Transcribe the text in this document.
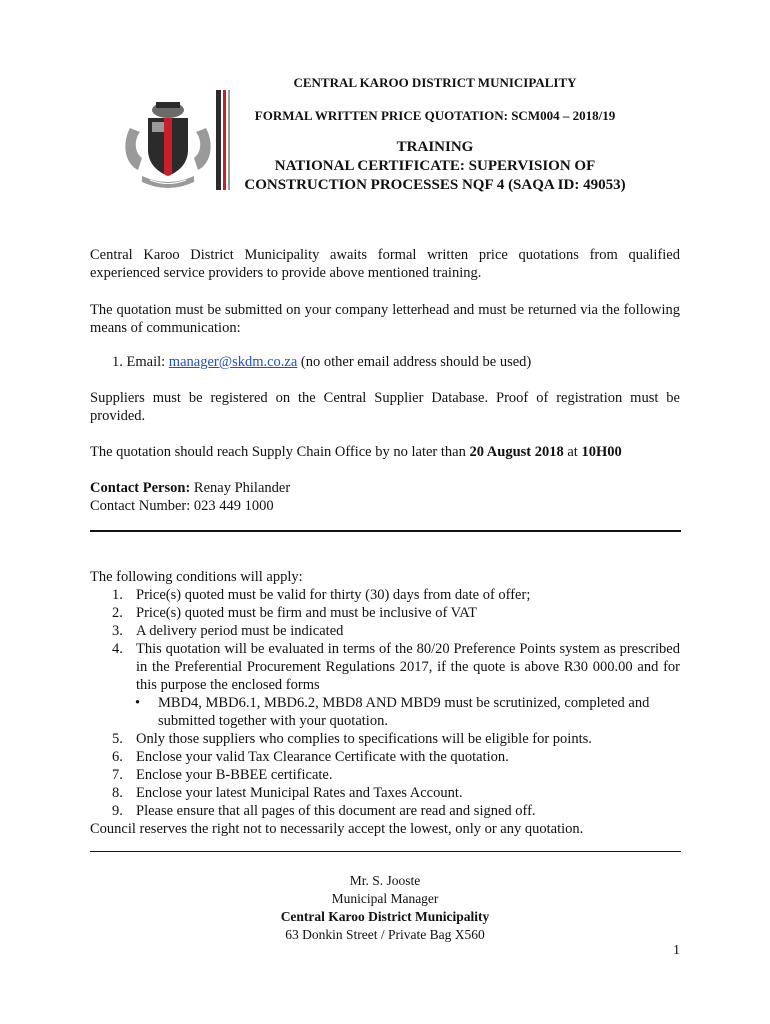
CENTRAL KAROO DISTRICT MUNICIPALITY
FORMAL WRITTEN PRICE QUOTATION: SCM004 – 2018/19
TRAINING
NATIONAL CERTIFICATE: SUPERVISION OF
CONSTRUCTION PROCESSES NQF 4 (SAQA ID: 49053)
Central Karoo District Municipality awaits formal written price quotations from qualified experienced service providers to provide above mentioned training.
The quotation must be submitted on your company letterhead and must be returned via the following means of communication:
1. Email: manager@skdm.co.za (no other email address should be used)
Suppliers must be registered on the Central Supplier Database. Proof of registration must be provided.
The quotation should reach Supply Chain Office by no later than 20 August 2018 at 10H00
Contact Person: Renay Philander
Contact Number: 023 449 1000
The following conditions will apply:
1. Price(s) quoted must be valid for thirty (30) days from date of offer;
2. Price(s) quoted must be firm and must be inclusive of VAT
3. A delivery period must be indicated
4. This quotation will be evaluated in terms of the 80/20 Preference Points system as prescribed in the Preferential Procurement Regulations 2017, if the quote is above R30 000.00 and for this purpose the enclosed forms
• MBD4, MBD6.1, MBD6.2, MBD8 AND MBD9 must be scrutinized, completed and submitted together with your quotation.
5. Only those suppliers who complies to specifications will be eligible for points.
6. Enclose your valid Tax Clearance Certificate with the quotation.
7. Enclose your B-BBEE certificate.
8. Enclose your latest Municipal Rates and Taxes Account.
9. Please ensure that all pages of this document are read and signed off.
Council reserves the right not to necessarily accept the lowest, only or any quotation.
Mr. S. Jooste
Municipal Manager
Central Karoo District Municipality
63 Donkin Street / Private Bag X560
1
